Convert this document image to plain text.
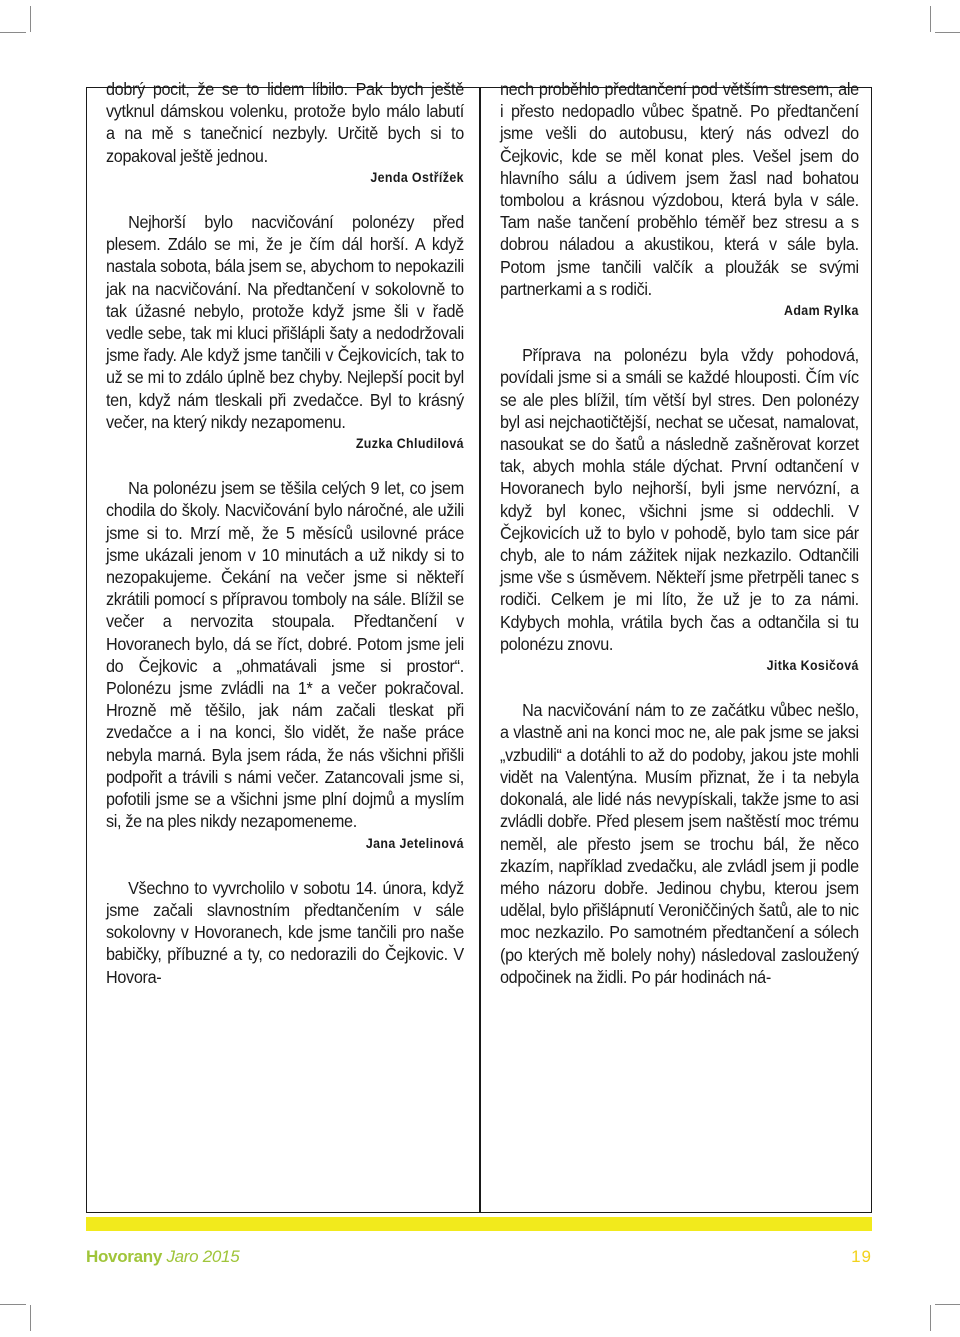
dobrý pocit, že se to lidem líbilo. Pak bych ještě vytknul dámskou volenku, protože bylo málo labutí a na mě s tanečnicí nezbyly. Určitě bych si to zopakoval ještě jednou.

Jenda Ostřížek

Nejhorší bylo nacvičování polonézy před plesem. Zdálo se mi, že je čím dál horší. A když nastala sobota, bála jsem se, abychom to nepokazili jak na nacvičování. Na předtančení v sokolovně to tak úžasné nebylo, protože když jsme šli v řadě vedle sebe, tak mi kluci přišlápli šaty a nedodržovali jsme řady. Ale když jsme tančili v Čejkovicích, tak to už se mi to zdálo úplně bez chyby. Nejlepší pocit byl ten, když nám tleskali při zvedačce. Byl to krásný večer, na který nikdy nezapomenu.

Zuzka Chludilová

Na polonézu jsem se těšila celých 9 let, co jsem chodila do školy. Nacvičování bylo náročné, ale užili jsme si to. Mrzí mě, že 5 měsíců usilovné práce jsme ukázali jenom v 10 minutách a už nikdy si to nezopakujeme. Čekání na večer jsme si někteří zkrátili pomocí s přípravou tomboly na sále. Blížil se večer a nervozita stoupala. Předtančení v Hovoranech bylo, dá se říct, dobré. Potom jsme jeli do Čejkovic a „ohmatávali jsme si prostor“. Polonézu jsme zvládli na 1* a večer pokračoval. Hrozně mě těšilo, jak nám začali tleskat při zvedačce a i na konci, šlo vidět, že naše práce nebyla marná. Byla jsem ráda, že nás všichni přišli podpořit a trávili s námi večer. Zatancovali jsme si, pofotili jsme se a všichni jsme plní dojmů a myslím si, že na ples nikdy nezapomeneme.

Jana Jetelinová

Všechno to vyvrcholilo v sobotu 14. února, když jsme začali slavnostním předtančením v sále sokolovny v Hovoranech, kde jsme tančili pro naše babičky, příbuzné a ty, co nedorazili do Čejkovic. V Hovora-

nech proběhlo předtančení pod větším stresem, ale i přesto nedopadlo vůbec špatně. Po předtančení jsme vešli do autobusu, který nás odvezl do Čejkovic, kde se měl konat ples. Vešel jsem do hlavního sálu a údivem jsem žasl nad bohatou tombolou a krásnou výzdobou, která byla v sále. Tam naše tančení proběhlo téměř bez stresu a s dobrou náladou a akustikou, která v sále byla. Potom jsme tančili valčík a ploužák se svými partnerkami a s rodiči.

Adam Rylka

Příprava na polonézu byla vždy pohodová, povídali jsme si a smáli se každé hlouposti. Čím víc se ale ples blížil, tím větší byl stres. Den polonézy byl asi nejchaotičtější, nechat se učesat, namalovat, nasoukat se do šatů a následně zašněrovat korzet tak, abych mohla stále dýchat. První odtančení v Hovoranech bylo nejhorší, byli jsme nervózní, a když byl konec, všichni jsme si oddechli. V Čejkovicích už to bylo v pohodě, bylo tam sice pár chyb, ale to nám zážitek nijak nezkazilo. Odtančili jsme vše s úsměvem. Někteří jsme přetrpěli tanec s rodiči. Celkem je mi líto, že už je to za námi. Kdybych mohla, vrátila bych čas a odtančila si tu polonézu znovu.

Jitka Kosičová

Na nacvičování nám to ze začátku vůbec nešlo, a vlastně ani na konci moc ne, ale pak jsme se jaksi „vzbudili“ a dotáhli to až do podoby, jakou jste mohli vidět na Valentýna. Musím přiznat, že i ta nebyla dokonalá, ale lidé nás nevypískali, takže jsme to asi zvládli dobře. Před plesem jsem naštěstí moc trému neměl, ale přesto jsem se trochu bál, že něco zkazím, například zvedačku, ale zvládl jsem ji podle mého názoru dobře. Jedinou chybu, kterou jsem udělal, bylo přišlápnutí Veroniččiných šatů, ale to nic moc nezkazilo. Po samotném předtančení a sólech (po kterých mě bolely nohy) následoval zasloužený odpočinek na židli. Po pár hodinách ná-

Hovorany Jaro 2015	19
